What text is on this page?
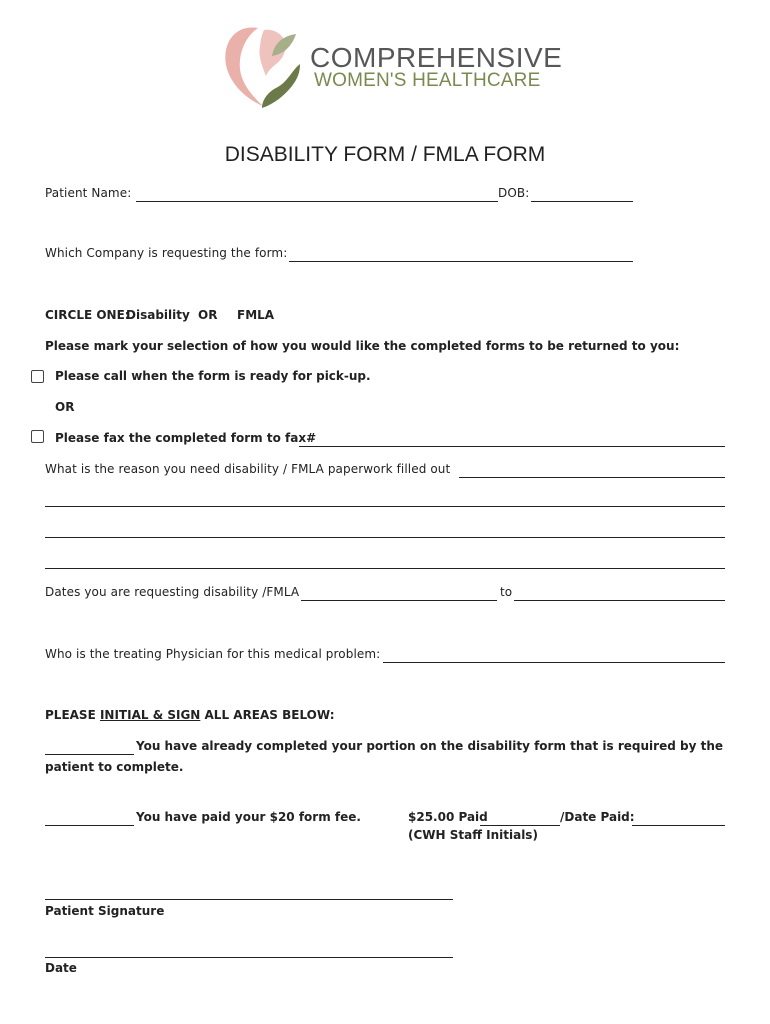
COMPREHENSIVE
WOMEN'S HEALTHCARE
DISABILITY FORM / FMLA FORM
Patient Name:	DOB:
Which Company is requesting the form:
CIRCLE ONE:
Disability OR FMLA
Please mark your selection of how you would like the completed forms to be returned to you:
Please call when the form is ready for pick-up.
OR
Please fax the completed form to fax#
What is the reason you need disability / FMLA paperwork filled out
Dates you are requesting disability /FMLA	to
Who is the treating Physician for this medical problem:
PLEASE INITIAL & SIGN ALL AREAS BELOW:
You have already completed your portion on the disability form that is required by the
patient to complete.
You have paid your $20 form fee.	$25.00 Paid	/Date Paid:
(CWH Staff Initials)
Patient Signature
Date
